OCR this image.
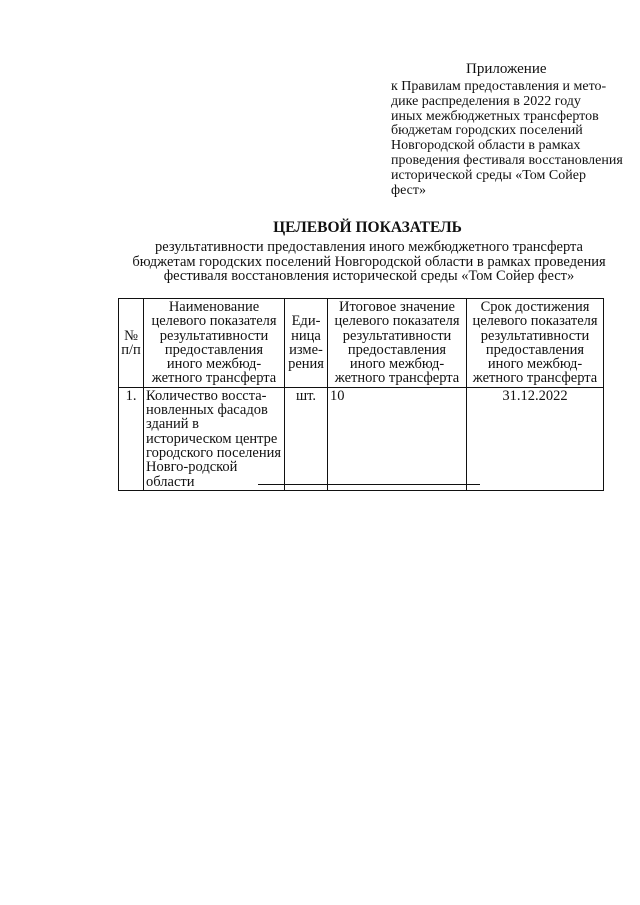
Приложение

к Правилам предоставления и мето-
дике распределения в 2022 году
иных межбюджетных трансфертов
бюджетам городских поселений
Новгородской области в рамках
проведения фестиваля восстановления
исторической среды «Том Сойер
фест»

ЦЕЛЕВОЙ ПОКАЗАТЕЛЬ

результативности предоставления иного межбюджетного трансферта
бюджетам городских поселений Новгородской области в рамках проведения
фестиваля восстановления исторической среды «Том Сойер фест»

№ п/п	Наименование целевого показателя результативности предоставления иного межбюд-жетного трансферта	Еди-ница изме-рения	Итоговое значение целевого показателя результативности предоставления иного межбюд-жетного трансферта	Срок достижения целевого показателя результативности предоставления иного межбюд-жетного трансферта
1.	Количество восста-новленных фасадов зданий в историческом центре городского поселения Новго-родской области	шт.	10	31.12.2022
